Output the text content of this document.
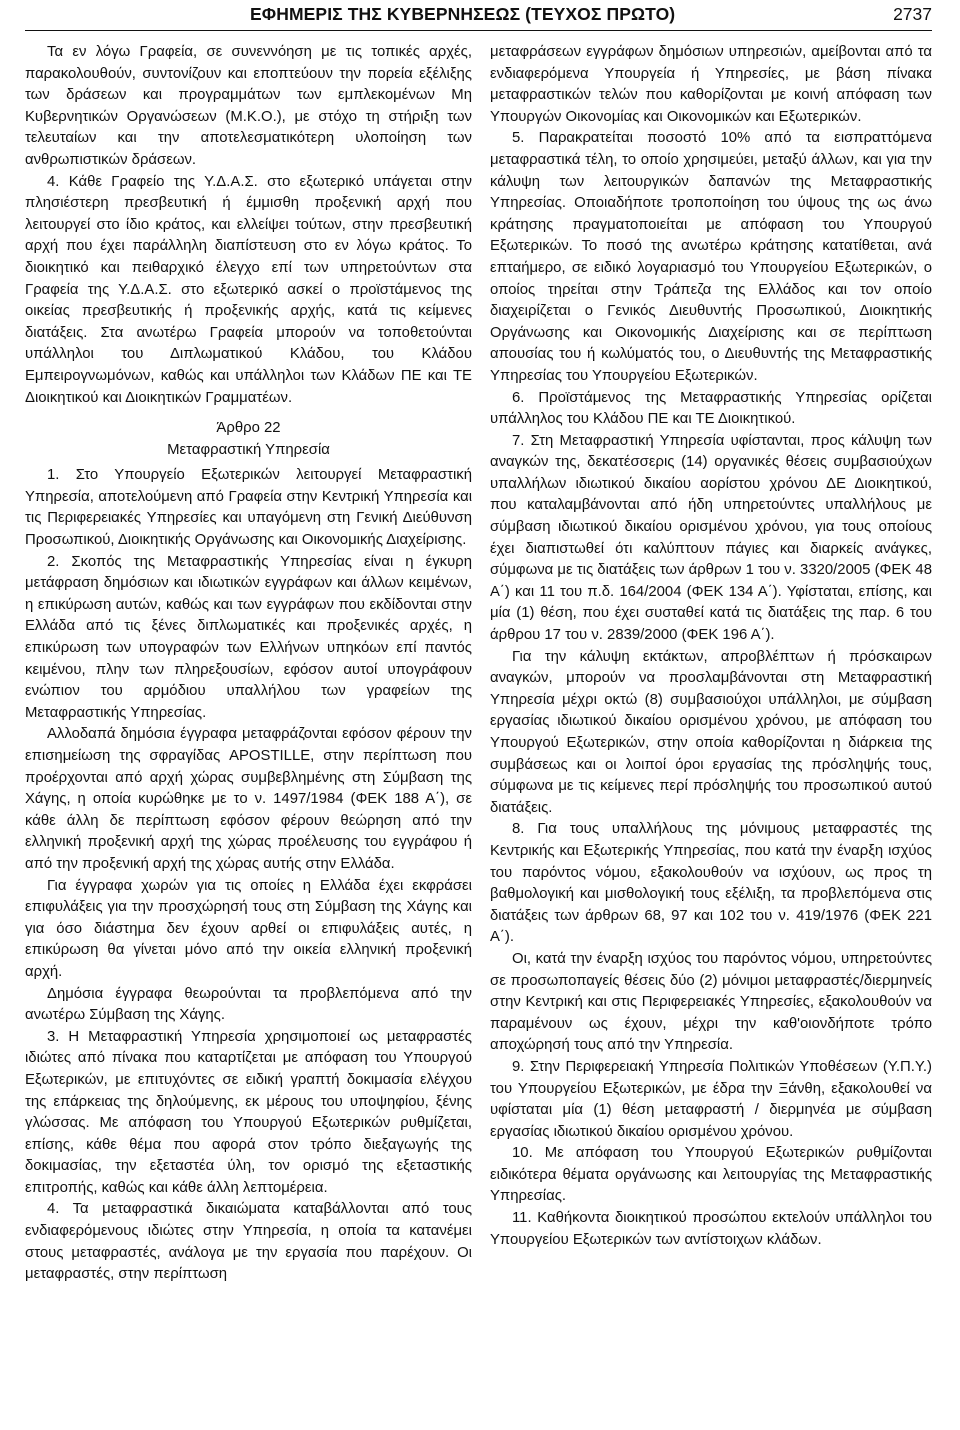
ΕΦΗΜΕΡΙΣ ΤΗΣ ΚΥΒΕΡΝΗΣΕΩΣ (ΤΕΥΧΟΣ ΠΡΩΤΟ)	2737

Τα εν λόγω Γραφεία, σε συνεννόηση με τις τοπικές αρχές, παρακολουθούν, συντονίζουν και εποπτεύουν την πορεία εξέλιξης των δράσεων και προγραμμάτων των εμπλεκομένων Μη Κυβερνητικών Οργανώσεων (Μ.Κ.Ο.), με στόχο τη στήριξη των τελευταίων και την αποτελεσματικότερη υλοποίηση των ανθρωπιστικών δράσεων.

4. Κάθε Γραφείο της Υ.Δ.Α.Σ. στο εξωτερικό υπάγεται στην πλησιέστερη πρεσβευτική ή έμμισθη προξενική αρχή που λειτουργεί στο ίδιο κράτος, και ελλείψει τούτων, στην πρεσβευτική αρχή που έχει παράλληλη διαπίστευση στο εν λόγω κράτος. Το διοικητικό και πειθαρχικό έλεγχο επί των υπηρετούντων στα Γραφεία της Υ.Δ.Α.Σ. στο εξωτερικό ασκεί ο προϊστάμενος της οικείας πρεσβευτικής ή προξενικής αρχής, κατά τις κείμενες διατάξεις. Στα ανωτέρω Γραφεία μπορούν να τοποθετούνται υπάλληλοι του Διπλωματικού Κλάδου, του Κλάδου Εμπειρογνωμόνων, καθώς και υπάλληλοι των Κλάδων ΠΕ και ΤΕ Διοικητικού και Διοικητικών Γραμματέων.

Άρθρο 22
Μεταφραστική Υπηρεσία

1. Στο Υπουργείο Εξωτερικών λειτουργεί Μεταφραστική Υπηρεσία, αποτελούμενη από Γραφεία στην Κεντρική Υπηρεσία και τις Περιφερειακές Υπηρεσίες και υπαγόμενη στη Γενική Διεύθυνση Προσωπικού, Διοικητικής Οργάνωσης και Οικονομικής Διαχείρισης.

2. Σκοπός της Μεταφραστικής Υπηρεσίας είναι η έγκυρη μετάφραση δημόσιων και ιδιωτικών εγγράφων και άλλων κειμένων, η επικύρωση αυτών, καθώς και των εγγράφων που εκδίδονται στην Ελλάδα από τις ξένες διπλωματικές και προξενικές αρχές, η επικύρωση των υπογραφών των Ελλήνων υπηκόων επί παντός κειμένου, πλην των πληρεξουσίων, εφόσον αυτοί υπογράφουν ενώπιον του αρμόδιου υπαλλήλου των γραφείων της Μεταφραστικής Υπηρεσίας.

Αλλοδαπά δημόσια έγγραφα μεταφράζονται εφόσον φέρουν την επισημείωση της σφραγίδας APOSTILLE, στην περίπτωση που προέρχονται από αρχή χώρας συμβεβλημένης στη Σύμβαση της Χάγης, η οποία κυρώθηκε με το ν. 1497/1984 (ΦΕΚ 188 Α΄), σε κάθε άλλη δε περίπτωση εφόσον φέρουν θεώρηση από την ελληνική προξενική αρχή της χώρας προέλευσης του εγγράφου ή από την προξενική αρχή της χώρας αυτής στην Ελλάδα.

Για έγγραφα χωρών για τις οποίες η Ελλάδα έχει εκφράσει επιφυλάξεις για την προσχώρησή τους στη Σύμβαση της Χάγης και για όσο διάστημα δεν έχουν αρθεί οι επιφυλάξεις αυτές, η επικύρωση θα γίνεται μόνο από την οικεία ελληνική προξενική αρχή.

Δημόσια έγγραφα θεωρούνται τα προβλεπόμενα από την ανωτέρω Σύμβαση της Χάγης.

3. Η Μεταφραστική Υπηρεσία χρησιμοποιεί ως μεταφραστές ιδιώτες από πίνακα που καταρτίζεται με απόφαση του Υπουργού Εξωτερικών, με επιτυχόντες σε ειδική γραπτή δοκιμασία ελέγχου της επάρκειας της δηλούμενης, εκ μέρους του υποψηφίου, ξένης γλώσσας. Με απόφαση του Υπουργού Εξωτερικών ρυθμίζεται, επίσης, κάθε θέμα που αφορά στον τρόπο διεξαγωγής της δοκιμασίας, την εξεταστέα ύλη, τον ορισμό της εξεταστικής επιτροπής, καθώς και κάθε άλλη λεπτομέρεια.

4. Τα μεταφραστικά δικαιώματα καταβάλλονται από τους ενδιαφερόμενους ιδιώτες στην Υπηρεσία, η οποία τα κατανέμει στους μεταφραστές, ανάλογα με την εργασία που παρέχουν. Οι μεταφραστές, στην περίπτωση

μεταφράσεων εγγράφων δημόσιων υπηρεσιών, αμείβονται από τα ενδιαφερόμενα Υπουργεία ή Υπηρεσίες, με βάση πίνακα μεταφραστικών τελών που καθορίζονται με κοινή απόφαση των Υπουργών Οικονομίας και Οικονομικών και Εξωτερικών.

5. Παρακρατείται ποσοστό 10% από τα εισπραττόμενα μεταφραστικά τέλη, το οποίο χρησιμεύει, μεταξύ άλλων, και για την κάλυψη των λειτουργικών δαπανών της Μεταφραστικής Υπηρεσίας. Οποιαδήποτε τροποποίηση του ύψους της ως άνω κράτησης πραγματοποιείται με απόφαση του Υπουργού Εξωτερικών. Το ποσό της ανωτέρω κράτησης κατατίθεται, ανά επταήμερο, σε ειδικό λογαριασμό του Υπουργείου Εξωτερικών, ο οποίος τηρείται στην Τράπεζα της Ελλάδος και τον οποίο διαχειρίζεται ο Γενικός Διευθυντής Προσωπικού, Διοικητικής Οργάνωσης και Οικονομικής Διαχείρισης και σε περίπτωση απουσίας του ή κωλύματός του, ο Διευθυντής της Μεταφραστικής Υπηρεσίας του Υπουργείου Εξωτερικών.

6. Προϊστάμενος της Μεταφραστικής Υπηρεσίας ορίζεται υπάλληλος του Κλάδου ΠΕ και ΤΕ Διοικητικού.

7. Στη Μεταφραστική Υπηρεσία υφίστανται, προς κάλυψη των αναγκών της, δεκατέσσερις (14) οργανικές θέσεις συμβασιούχων υπαλλήλων ιδιωτικού δικαίου αορίστου χρόνου ΔΕ Διοικητικού, που καταλαμβάνονται από ήδη υπηρετούντες υπαλλήλους με σύμβαση ιδιωτικού δικαίου ορισμένου χρόνου, για τους οποίους έχει διαπιστωθεί ότι καλύπτουν πάγιες και διαρκείς ανάγκες, σύμφωνα με τις διατάξεις των άρθρων 1 του ν. 3320/2005 (ΦΕΚ 48 Α΄) και 11 του π.δ. 164/2004 (ΦΕΚ 134 Α΄). Υφίσταται, επίσης, και μία (1) θέση, που έχει συσταθεί κατά τις διατάξεις της παρ. 6 του άρθρου 17 του ν. 2839/2000 (ΦΕΚ 196 Α΄).

Για την κάλυψη εκτάκτων, απροβλέπτων ή πρόσκαιρων αναγκών, μπορούν να προσλαμβάνονται στη Μεταφραστική Υπηρεσία μέχρι οκτώ (8) συμβασιούχοι υπάλληλοι, με σύμβαση εργασίας ιδιωτικού δικαίου ορισμένου χρόνου, με απόφαση του Υπουργού Εξωτερικών, στην οποία καθορίζονται η διάρκεια της συμβάσεως και οι λοιποί όροι εργασίας της πρόσληψής τους, σύμφωνα με τις κείμενες περί πρόσληψής του προσωπικού αυτού διατάξεις.

8. Για τους υπαλλήλους της μόνιμους μεταφραστές της Κεντρικής και Εξωτερικής Υπηρεσίας, που κατά την έναρξη ισχύος του παρόντος νόμου, εξακολουθούν να ισχύουν, ως προς τη βαθμολογική και μισθολογική τους εξέλιξη, τα προβλεπόμενα στις διατάξεις των άρθρων 68, 97 και 102 του ν. 419/1976 (ΦΕΚ 221 Α΄).

Οι, κατά την έναρξη ισχύος του παρόντος νόμου, υπηρετούντες σε προσωποπαγείς θέσεις δύο (2) μόνιμοι μεταφραστές/διερμηνείς στην Κεντρική και στις Περιφερειακές Υπηρεσίες, εξακολουθούν να παραμένουν ως έχουν, μέχρι την καθ'οιονδήποτε τρόπο αποχώρησή τους από την Υπηρεσία.

9. Στην Περιφερειακή Υπηρεσία Πολιτικών Υποθέσεων (Υ.Π.Υ.) του Υπουργείου Εξωτερικών, με έδρα την Ξάνθη, εξακολουθεί να υφίσταται μία (1) θέση μεταφραστή / διερμηνέα με σύμβαση εργασίας ιδιωτικού δικαίου ορισμένου χρόνου.

10. Με απόφαση του Υπουργού Εξωτερικών ρυθμίζονται ειδικότερα θέματα οργάνωσης και λειτουργίας της Μεταφραστικής Υπηρεσίας.

11. Καθήκοντα διοικητικού προσώπου εκτελούν υπάλληλοι του Υπουργείου Εξωτερικών των αντίστοιχων κλάδων.
